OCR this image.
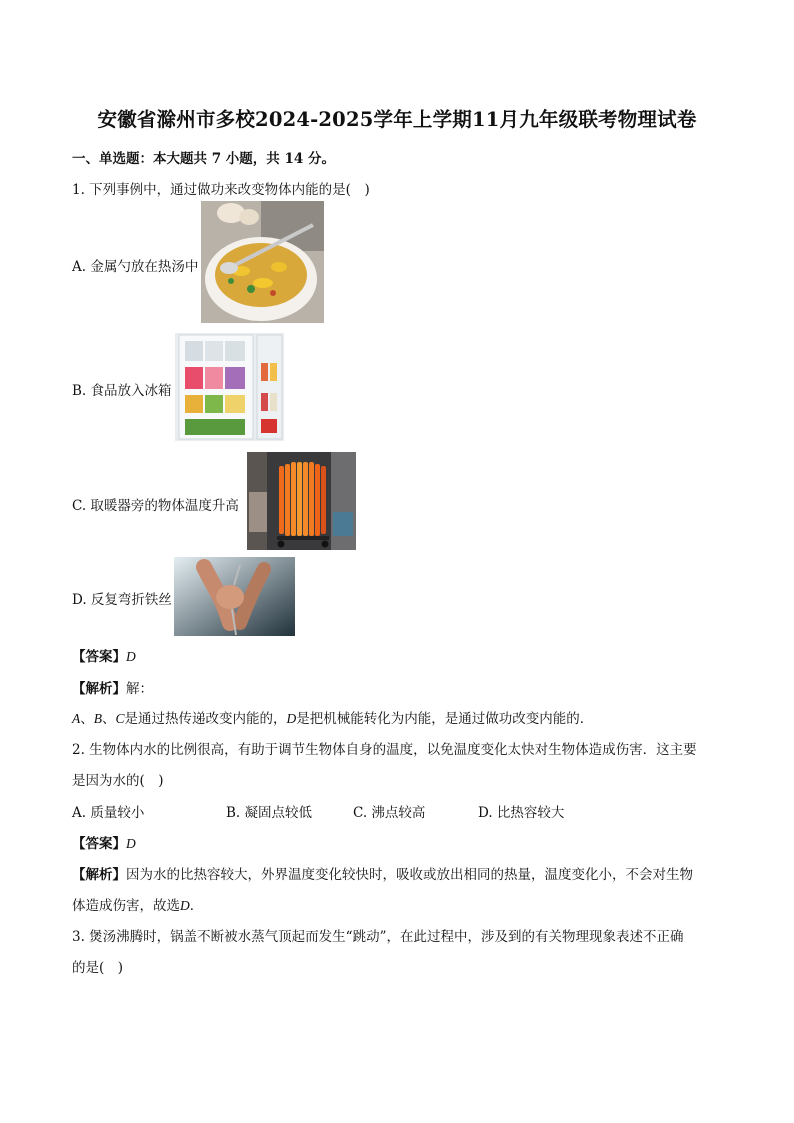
安徽省滁州市多校2024-2025学年上学期11月九年级联考物理试卷
一、单选题：本大题共 7 小题，共 14 分。
1. 下列事例中，通过做功来改变物体内能的是(　)
A. 金属勺放在热汤中
B. 食品放入冰箱
C. 取暖器旁的物体温度升高
D. 反复弯折铁丝
【答案】D
【解析】解：
A、B、C是通过热传递改变内能的，D是把机械能转化为内能，是通过做功改变内能的．
2. 生物体内水的比例很高，有助于调节生物体自身的温度，以免温度变化太快对生物体造成伤害．这主要
是因为水的(　)
A. 质量较小	B. 凝固点较低	C. 沸点较高	D. 比热容较大
【答案】D
【解析】因为水的比热容较大，外界温度变化较快时，吸收或放出相同的热量，温度变化小，不会对生物
体造成伤害，故选D．
3. 煲汤沸腾时，锅盖不断被水蒸气顶起而发生“跳动”，在此过程中，涉及到的有关物理现象表述不正确
的是(　)
